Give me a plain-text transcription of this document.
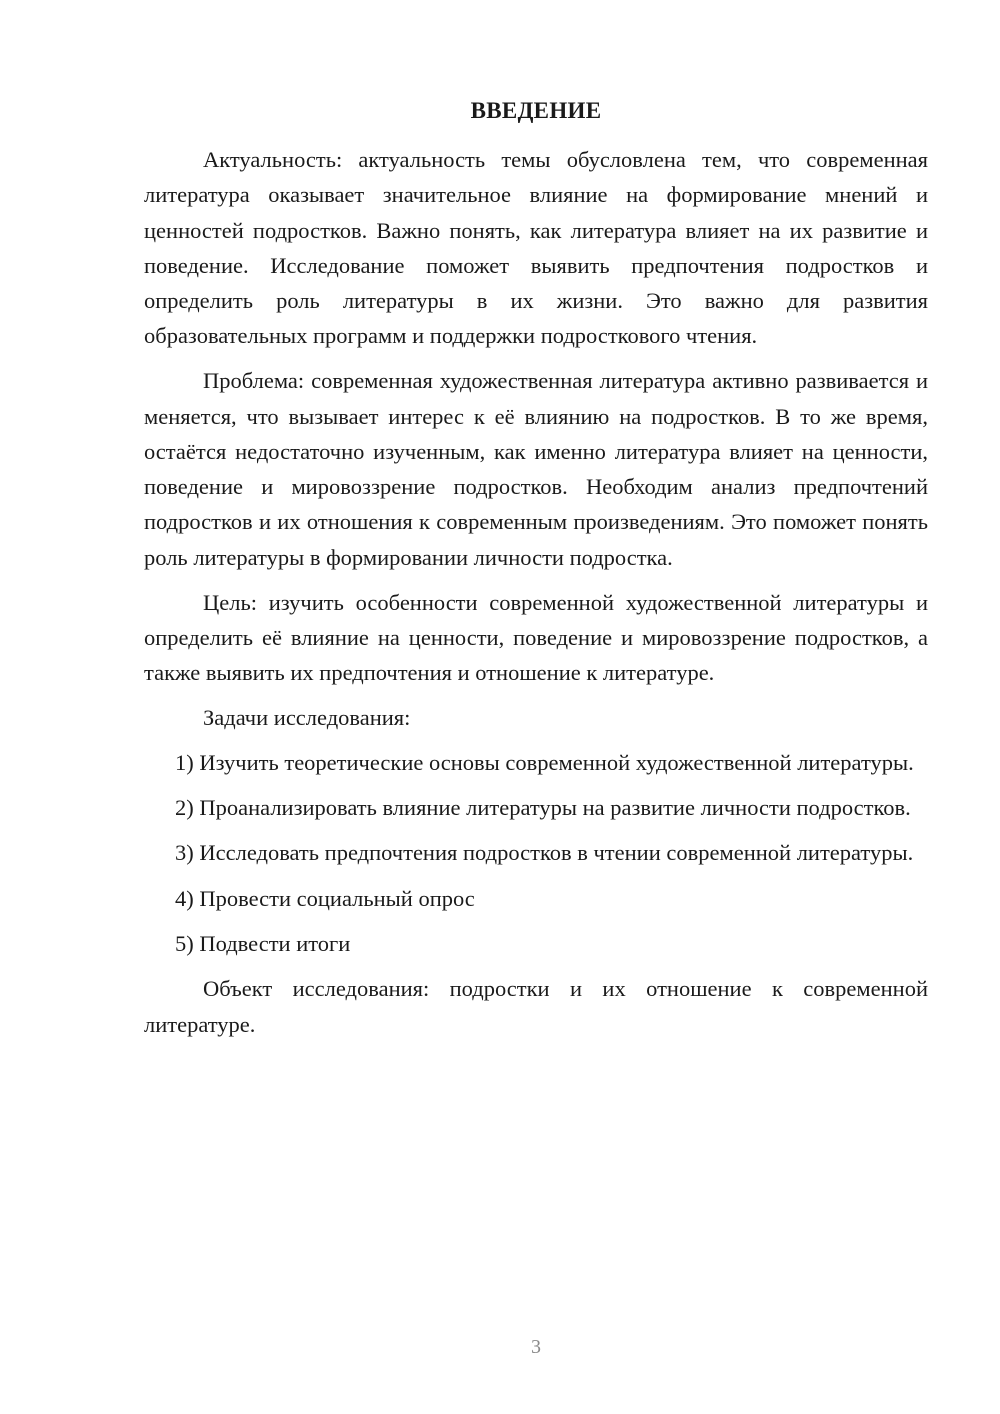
ВВЕДЕНИЕ

Актуальность: актуальность темы обусловлена тем, что современная литература оказывает значительное влияние на формирование мнений и ценностей подростков. Важно понять, как литература влияет на их развитие и поведение. Исследование поможет выявить предпочтения подростков и определить роль литературы в их жизни. Это важно для развития образовательных программ и поддержки подросткового чтения.

Проблема: современная художественная литература активно развивается и меняется, что вызывает интерес к её влиянию на подростков. В то же время, остаётся недостаточно изученным, как именно литература влияет на ценности, поведение и мировоззрение подростков. Необходим анализ предпочтений подростков и их отношения к современным произведениям. Это поможет понять роль литературы в формировании личности подростка.

Цель: изучить особенности современной художественной литературы и определить её влияние на ценности, поведение и мировоззрение подростков, а также выявить их предпочтения и отношение к литературе.

Задачи исследования:

1) Изучить теоретические основы современной художественной литературы.

2) Проанализировать влияние литературы на развитие личности подростков.

3) Исследовать предпочтения подростков в чтении современной литературы.

4) Провести социальный опрос

5) Подвести итоги

Объект исследования: подростки и их отношение к современной литературе.

3
